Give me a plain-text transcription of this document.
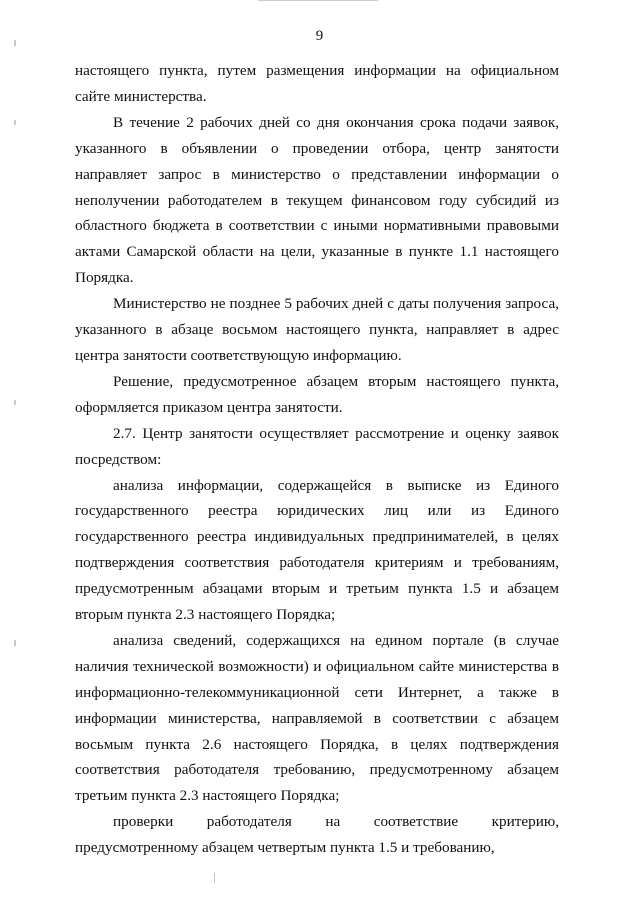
9

настоящего пункта, путем размещения информации на официальном сайте министерства.

В течение 2 рабочих дней со дня окончания срока подачи заявок, указанного в объявлении о проведении отбора, центр занятости направляет запрос в министерство о представлении информации о неполучении работодателем в текущем финансовом году субсидий из областного бюджета в соответствии с иными нормативными правовыми актами Самарской области на цели, указанные в пункте 1.1 настоящего Порядка.

Министерство не позднее 5 рабочих дней с даты получения запроса, указанного в абзаце восьмом настоящего пункта, направляет в адрес центра занятости соответствующую информацию.

Решение, предусмотренное абзацем вторым настоящего пункта, оформляется приказом центра занятости.

2.7. Центр занятости осуществляет рассмотрение и оценку заявок посредством:

анализа информации, содержащейся в выписке из Единого государственного реестра юридических лиц или из Единого государственного реестра индивидуальных предпринимателей, в целях подтверждения соответствия работодателя критериям и требованиям, предусмотренным абзацами вторым и третьим пункта 1.5 и абзацем вторым пункта 2.3 настоящего Порядка;

анализа сведений, содержащихся на едином портале (в случае наличия технической возможности) и официальном сайте министерства в информационно-телекоммуникационной сети Интернет, а также в информации министерства, направляемой в соответствии с абзацем восьмым пункта 2.6 настоящего Порядка, в целях подтверждения соответствия работодателя требованию, предусмотренному абзацем третьим пункта 2.3 настоящего Порядка;

проверки работодателя на соответствие критерию, предусмотренному абзацем четвертым пункта 1.5 и требованию,
